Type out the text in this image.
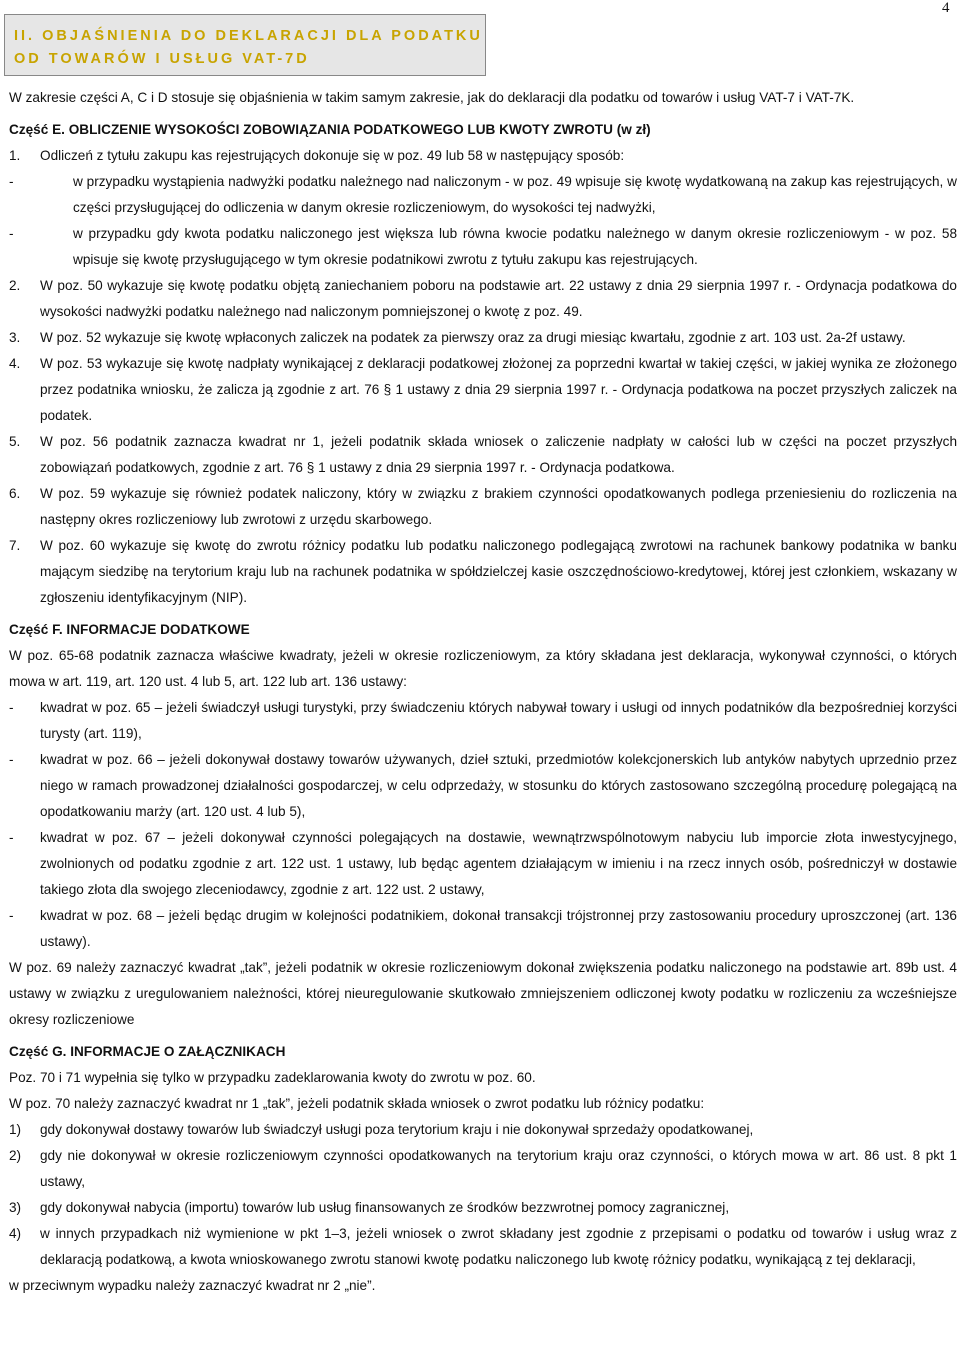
4
II. OBJAŚNIENIA DO DEKLARACJI DLA PODATKU OD TOWARÓW I USŁUG VAT-7D
W zakresie części A, C i D stosuje się objaśnienia w takim samym zakresie, jak do deklaracji dla podatku od towarów i usług VAT-7 i VAT-7K.
Część E. OBLICZENIE WYSOKOŚCI ZOBOWIĄZANIA PODATKOWEGO LUB KWOTY ZWROTU (w zł)
1. Odliczeń z tytułu zakupu kas rejestrujących dokonuje się w poz. 49 lub 58 w następujący sposób:
-	w przypadku wystąpienia nadwyżki podatku należnego nad naliczonym - w poz. 49 wpisuje się kwotę wydatkowaną na zakup kas rejestrujących, w części przysługującej do odliczenia w danym okresie rozliczeniowym, do wysokości tej nadwyżki,
-	w przypadku gdy kwota podatku naliczonego jest większa lub równa kwocie podatku należnego w danym okresie rozliczeniowym - w poz. 58 wpisuje się kwotę przysługującego w tym okresie podatnikowi zwrotu z tytułu zakupu kas rejestrujących.
2. W poz. 50 wykazuje się kwotę podatku objętą zaniechaniem poboru na podstawie art. 22 ustawy z dnia 29 sierpnia 1997 r. - Ordynacja podatkowa do wysokości nadwyżki podatku należnego nad naliczonym pomniejszonej o kwotę z poz. 49.
3. W poz. 52 wykazuje się kwotę wpłaconych zaliczek na podatek za pierwszy oraz za drugi miesiąc kwartału, zgodnie z art. 103 ust. 2a-2f ustawy.
4. W poz. 53 wykazuje się kwotę nadpłaty wynikającej z deklaracji podatkowej złożonej za poprzedni kwartał w takiej części, w jakiej wynika ze złożonego przez podatnika wniosku, że zalicza ją zgodnie z art. 76 § 1 ustawy z dnia 29 sierpnia 1997 r. - Ordynacja podatkowa na poczet przyszłych zaliczek na podatek.
5. W poz. 56 podatnik zaznacza kwadrat nr 1, jeżeli podatnik składa wniosek o zaliczenie nadpłaty w całości lub w części na poczet przyszłych zobowiązań podatkowych, zgodnie z art. 76 § 1 ustawy z dnia 29 sierpnia 1997 r. - Ordynacja podatkowa.
6. W poz. 59 wykazuje się również podatek naliczony, który w związku z brakiem czynności opodatkowanych podlega przeniesieniu do rozliczenia na następny okres rozliczeniowy lub zwrotowi z urzędu skarbowego.
7. W poz. 60 wykazuje się kwotę do zwrotu różnicy podatku lub podatku naliczonego podlegającą zwrotowi na rachunek bankowy podatnika w banku mającym siedzibę na terytorium kraju lub na rachunek podatnika w spółdzielczej kasie oszczędnościowo-kredytowej, której jest członkiem, wskazany w zgłoszeniu identyfikacyjnym (NIP).
Część F. INFORMACJE DODATKOWE
W poz. 65-68 podatnik zaznacza właściwe kwadraty, jeżeli w okresie rozliczeniowym, za który składana jest deklaracja, wykonywał czynności, o których mowa w art. 119, art. 120 ust. 4 lub 5, art. 122 lub art. 136 ustawy:
- kwadrat w poz. 65 – jeżeli świadczył usługi turystyki, przy świadczeniu których nabywał towary i usługi od innych podatników dla bezpośredniej korzyści turysty (art. 119),
- kwadrat w poz. 66 – jeżeli dokonywał dostawy towarów używanych, dzieł sztuki, przedmiotów kolekcjonerskich lub antyków nabytych uprzednio przez niego w ramach prowadzonej działalności gospodarczej, w celu odprzedaży, w stosunku do których zastosowano szczególną procedurę polegającą na opodatkowaniu marży (art. 120 ust. 4 lub 5),
- kwadrat w poz. 67 – jeżeli dokonywał czynności polegających na dostawie, wewnątrzwspólnotowym nabyciu lub imporcie złota inwestycyjnego, zwolnionych od podatku zgodnie z art. 122 ust. 1 ustawy, lub będąc agentem działającym w imieniu i na rzecz innych osób, pośredniczył w dostawie takiego złota dla swojego zleceniodawcy, zgodnie z art. 122 ust. 2 ustawy,
- kwadrat w poz. 68 – jeżeli będąc drugim w kolejności podatnikiem, dokonał transakcji trójstronnej przy zastosowaniu procedury uproszczonej (art. 136 ustawy).
W poz. 69 należy zaznaczyć kwadrat „tak”, jeżeli podatnik w okresie rozliczeniowym dokonał zwiększenia podatku naliczonego na podstawie art. 89b ust. 4 ustawy w związku z uregulowaniem należności, której nieuregulowanie skutkowało zmniejszeniem odliczonej kwoty podatku w rozliczeniu za wcześniejsze okresy rozliczeniowe
Część G. INFORMACJE O ZAŁĄCZNIKACH
Poz. 70 i 71 wypełnia się tylko w przypadku zadeklarowania kwoty do zwrotu w poz. 60.
W poz. 70 należy zaznaczyć kwadrat nr 1 „tak”, jeżeli podatnik składa wniosek o zwrot podatku lub różnicy podatku:
1) gdy dokonywał dostawy towarów lub świadczył usługi poza terytorium kraju i nie dokonywał sprzedaży opodatkowanej,
2) gdy nie dokonywał w okresie rozliczeniowym czynności opodatkowanych na terytorium kraju oraz czynności, o których mowa w art. 86 ust. 8 pkt 1 ustawy,
3) gdy dokonywał nabycia (importu) towarów lub usług finansowanych ze środków bezzwrotnej pomocy zagranicznej,
4) w innych przypadkach niż wymienione w pkt 1–3, jeżeli wniosek o zwrot składany jest zgodnie z przepisami o podatku od towarów i usług wraz z deklaracją podatkową, a kwota wnioskowanego zwrotu stanowi kwotę podatku naliczonego lub kwotę różnicy podatku, wynikającą z tej deklaracji,
w przeciwnym wypadku należy zaznaczyć kwadrat nr 2 „nie”.
